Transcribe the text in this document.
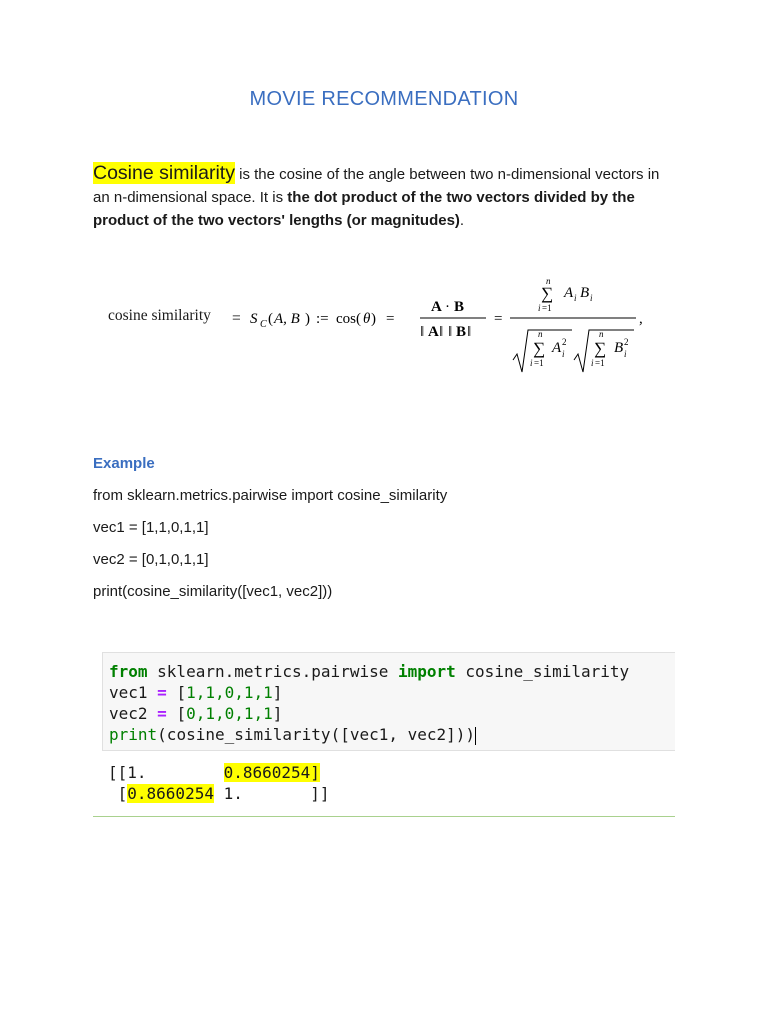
MOVIE RECOMMENDATION
Cosine similarity is the cosine of the angle between two n-dimensional vectors in an n-dimensional space. It is the dot product of the two vectors divided by the product of the two vectors' lengths (or magnitudes).
cosine similarity = S C ( A, B ) := cos( θ ) =
A · B
‖ A ‖ ‖ B ‖
=
n
∑
i =1
A i B i
n
∑
i =1
A 2
i
n
∑
i =1
B 2
i
,
Example
from sklearn.metrics.pairwise import cosine_similarity
vec1 = [1,1,0,1,1]
vec2 = [0,1,0,1,1]
print(cosine_similarity([vec1, vec2]))
from sklearn.metrics.pairwise import cosine_similarity
vec1 = [1,1,0,1,1]
vec2 = [0,1,0,1,1]
print(cosine_similarity([vec1, vec2]))
[[1.        0.8660254]
[0.8660254 1.       ]]
